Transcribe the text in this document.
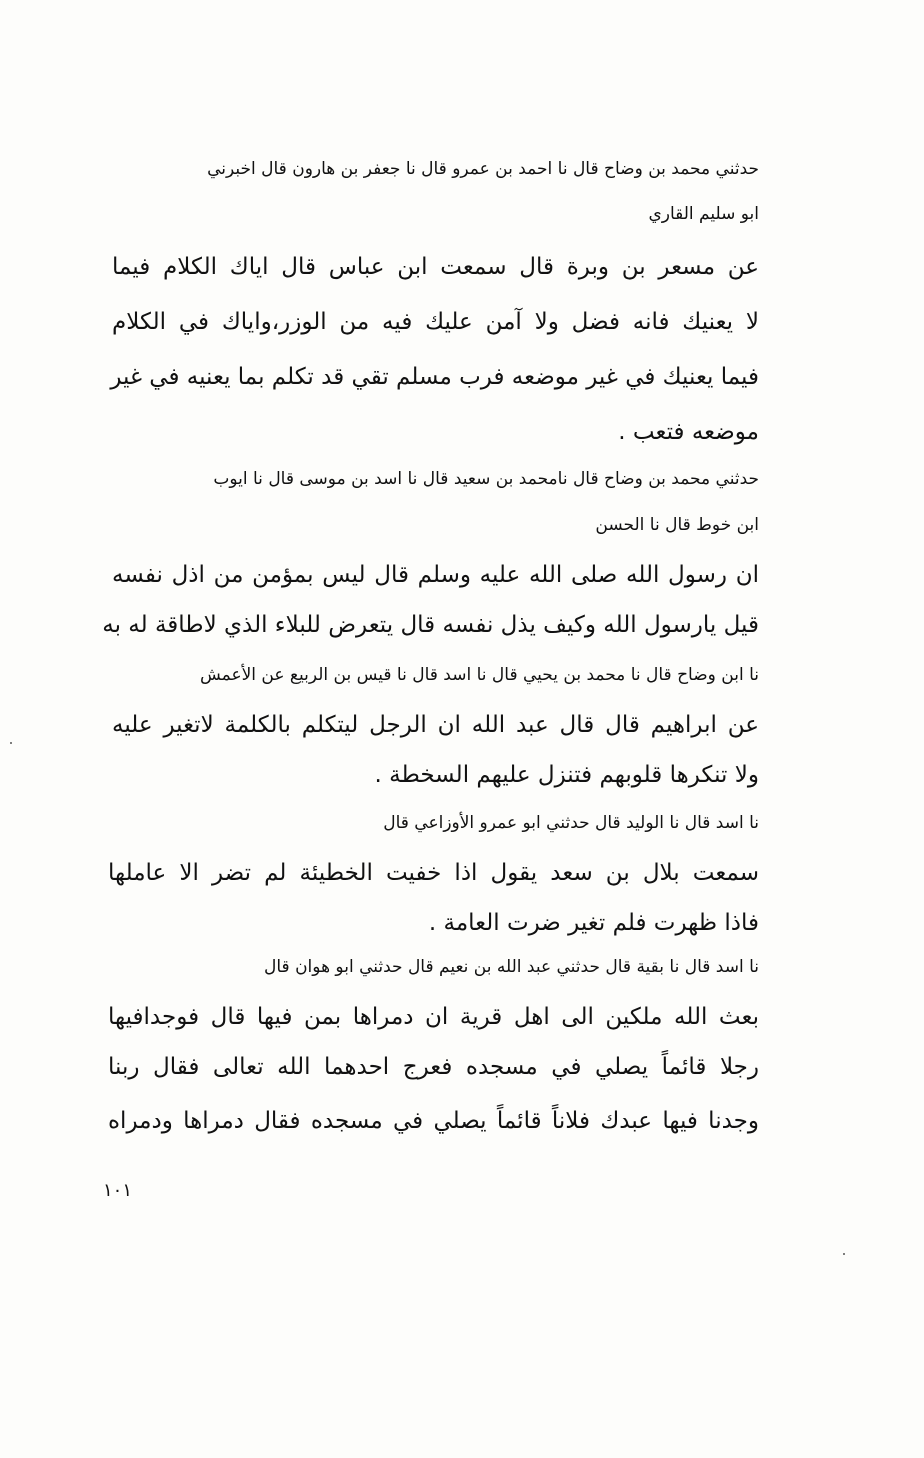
حدثني محمد بن وضاح قال نا احمد بن عمرو قال نا جعفر بن هارون قال اخبرني
ابو سليم القاري
عن مسعر بن وبرة قال سمعت ابن عباس قال اياك الكلام فيما
لا يعنيك فانه فضل ولا آمن عليك فيه من الوزر،واياك في الكلام
فيما يعنيك في غير موضعه فرب مسلم تقي قد تكلم بما يعنيه في غير
موضعه فتعب .
حدثني محمد بن وضاح قال نامحمد بن سعيد قال نا اسد بن موسى قال نا ايوب
ابن خوط قال نا الحسن
ان رسول الله صلى الله عليه وسلم قال ليس بمؤمن من اذل نفسه
قيل يارسول الله وكيف يذل نفسه قال يتعرض للبلاء الذي لاطاقة له به
نا ابن وضاح قال نا محمد بن يحيي قال نا اسد قال نا قيس بن الربيع عن الأعمش
عن ابراهيم قال قال عبد الله ان الرجل ليتكلم بالكلمة لاتغير عليه
ولا تنكرها قلوبهم فتنزل عليهم السخطة .
نا اسد قال نا الوليد قال حدثني ابو عمرو الأوزاعي قال
سمعت بلال بن سعد يقول اذا خفيت الخطيئة لم تضر الا عاملها
فاذا ظهرت فلم تغير ضرت العامة .
نا اسد قال نا بقية قال حدثني عبد الله بن نعيم قال حدثني ابو هوان قال
بعث الله ملكين الى اهل قرية ان دمراها بمن فيها قال فوجدافيها
رجلا قائماً يصلي في مسجده فعرج احدهما الله تعالى فقال ربنا
وجدنا فيها عبدك فلاناً قائماً يصلي في مسجده فقال دمراها ودمراه
١٠١
